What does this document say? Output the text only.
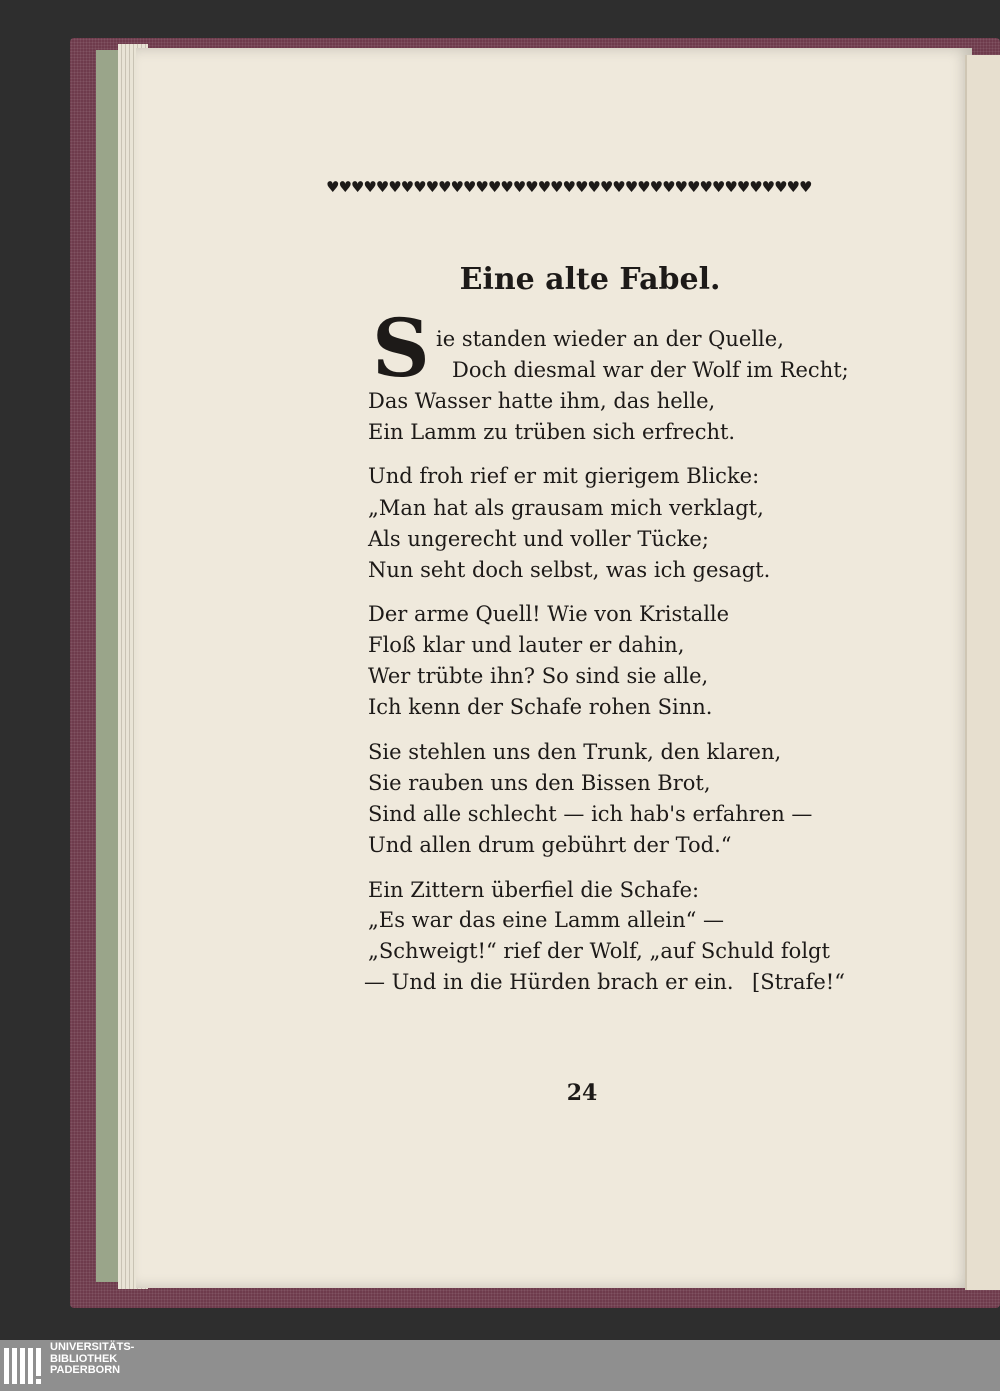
♥♥♥♥♥♥♥♥♥♥♥♥♥♥♥♥♥♥♥♥♥♥♥♥♥♥♥♥♥♥♥♥♥♥♥♥♥♥♥
Eine alte Fabel.
S ie standen wieder an der Quelle,
Doch diesmal war der Wolf im Recht;
Das Wasser hatte ihm, das helle,
Ein Lamm zu trüben sich erfrecht.
Und froh rief er mit gierigem Blicke:
„Man hat als grausam mich verklagt,
Als ungerecht und voller Tücke;
Nun seht doch selbst, was ich gesagt.
Der arme Quell! Wie von Kristalle
Floß klar und lauter er dahin,
Wer trübte ihn? So sind sie alle,
Ich kenn der Schafe rohen Sinn.
Sie stehlen uns den Trunk, den klaren,
Sie rauben uns den Bissen Brot,
Sind alle schlecht — ich hab's erfahren —
Und allen drum gebührt der Tod.“
Ein Zittern überfiel die Schafe:
„Es war das eine Lamm allein“ —
„Schweigt!“ rief der Wolf, „auf Schuld folgt
— Und in die Hürden brach er ein. [Strafe!“
24
UNIVERSITÄTS-
BIBLIOTHEK
PADERBORN
